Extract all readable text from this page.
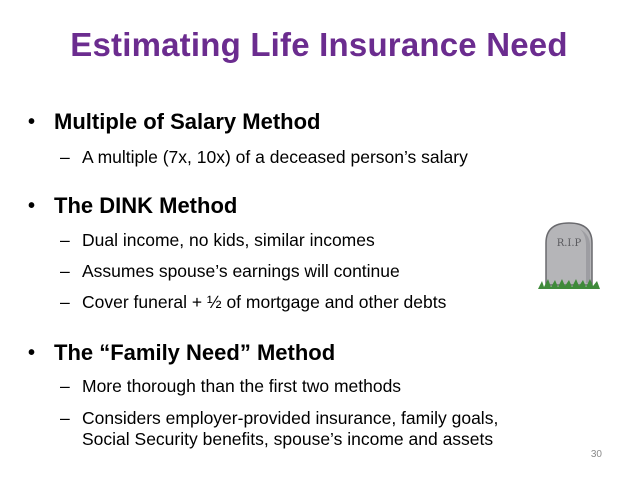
Estimating Life Insurance Need
• Multiple of Salary Method
– A multiple (7x, 10x) of a deceased person’s salary
• The DINK Method
– Dual income, no kids, similar incomes
– Assumes spouse’s earnings will continue
– Cover funeral + ½ of mortgage and other debts
• The “Family Need” Method
– More thorough than the first two methods
– Considers employer-provided insurance, family goals,
Social Security benefits, spouse’s income and assets
R.I.P
30
